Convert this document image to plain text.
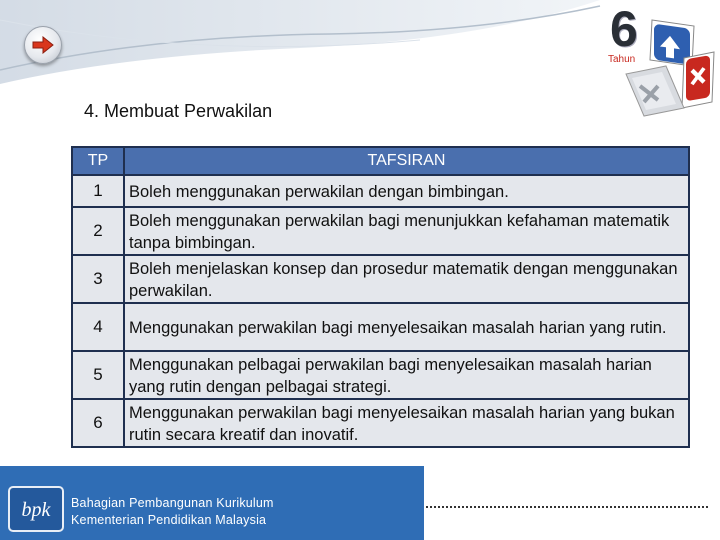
6
Tahun
4. Membuat Perwakilan
TP	TAFSIRAN
1	Boleh menggunakan perwakilan dengan bimbingan.
2	Boleh menggunakan perwakilan bagi menunjukkan kefahaman matematik tanpa bimbingan.
3	Boleh menjelaskan konsep dan prosedur matematik dengan menggunakan perwakilan.
4	Menggunakan perwakilan bagi menyelesaikan masalah harian yang rutin.
5	Menggunakan pelbagai perwakilan bagi menyelesaikan masalah harian yang rutin dengan pelbagai strategi.
6	Menggunakan perwakilan bagi menyelesaikan masalah harian yang bukan rutin secara kreatif dan inovatif.
bpk Bahagian Pembangunan Kurikulum
Kementerian Pendidikan Malaysia
